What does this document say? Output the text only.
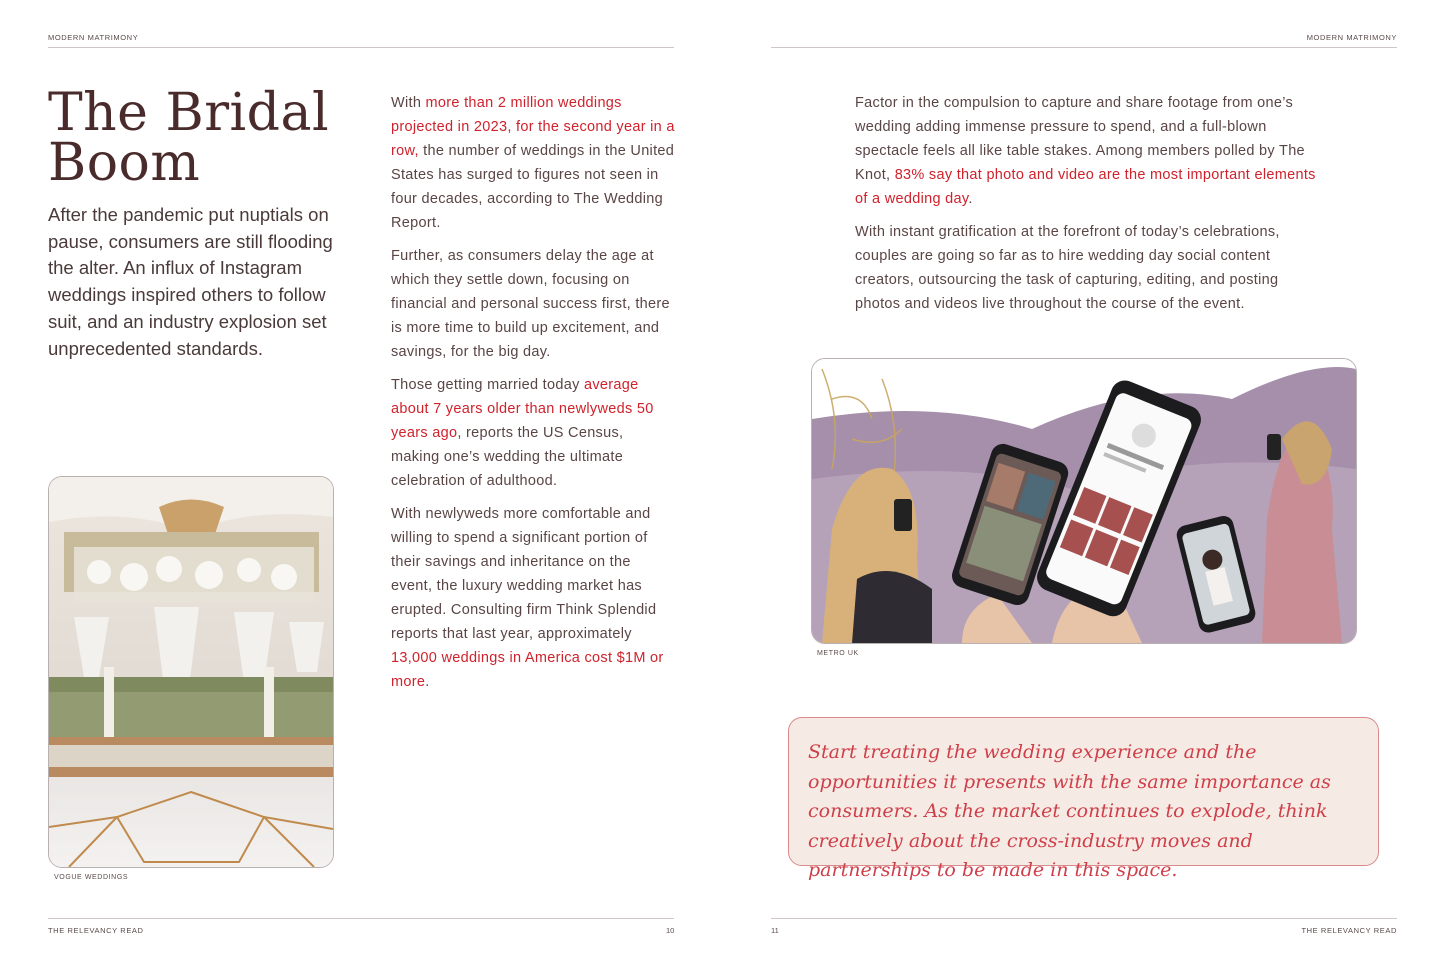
MODERN MATRIMONY	MODERN MATRIMONY
The Bridal Boom

After the pandemic put nuptials on pause, consumers are still flooding the alter. An influx of Instagram weddings inspired others to follow suit, and an industry explosion set unprecedented standards.

VOGUE WEDDINGS

With more than 2 million weddings projected in 2023, for the second year in a row, the number of weddings in the United States has surged to figures not seen in four decades, according to The Wedding Report.

Further, as consumers delay the age at which they settle down, focusing on financial and personal success first, there is more time to build up excitement, and savings, for the big day.

Those getting married today average about 7 years older than newlyweds 50 years ago, reports the US Census, making one’s wedding the ultimate celebration of adulthood.

With newlyweds more comfortable and willing to spend a significant portion of their savings and inheritance on the event, the luxury wedding market has erupted. Consulting firm Think Splendid reports that last year, approximately 13,000 weddings in America cost $1M or more.

Factor in the compulsion to capture and share footage from one’s wedding adding immense pressure to spend, and a full-blown spectacle feels all like table stakes. Among members polled by The Knot, 83% say that photo and video are the most important elements of a wedding day.

With instant gratification at the forefront of today’s celebrations, couples are going so far as to hire wedding day social content creators, outsourcing the task of capturing, editing, and posting photos and videos live throughout the course of the event.

METRO UK

Start treating the wedding experience and the opportunities it presents with the same importance as consumers. As the market continues to explode, think creatively about the cross-industry moves and partnerships to be made in this space.

THE RELEVANCY READ	10	11	THE RELEVANCY READ
